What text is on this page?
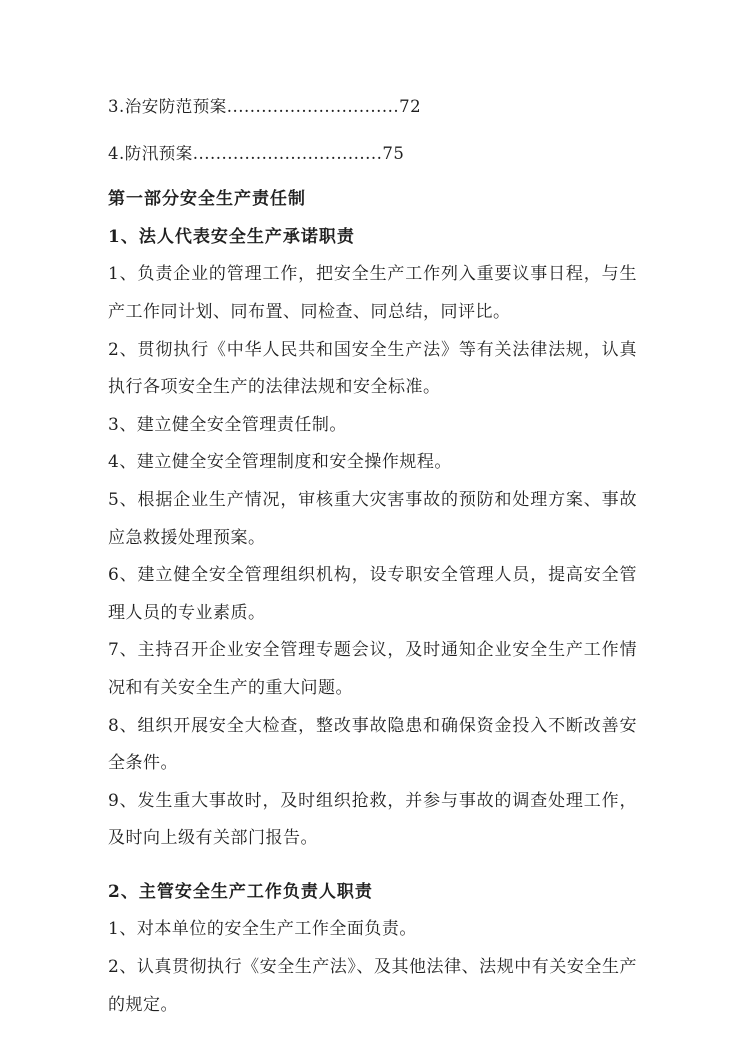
3.治安防范预案..............................72
4.防汛预案.................................75
第一部分安全生产责任制
1、法人代表安全生产承诺职责

1、负责企业的管理工作，把安全生产工作列入重要议事日程，与生产工作同计划、同布置、同检查、同总结，同评比。

2、贯彻执行《中华人民共和国安全生产法》等有关法律法规，认真执行各项安全生产的法律法规和安全标准。

3、建立健全安全管理责任制。

4、建立健全安全管理制度和安全操作规程。

5、根据企业生产情况，审核重大灾害事故的预防和处理方案、事故应急救援处理预案。

6、建立健全安全管理组织机构，设专职安全管理人员，提高安全管理人员的专业素质。

7、主持召开企业安全管理专题会议，及时通知企业安全生产工作情况和有关安全生产的重大问题。

8、组织开展安全大检查，整改事故隐患和确保资金投入不断改善安全条件。

9、发生重大事故时，及时组织抢救，并参与事故的调查处理工作，及时向上级有关部门报告。

2、主管安全生产工作负责人职责

1、对本单位的安全生产工作全面负责。

2、认真贯彻执行《安全生产法》、及其他法律、法规中有关安全生产的规定。
